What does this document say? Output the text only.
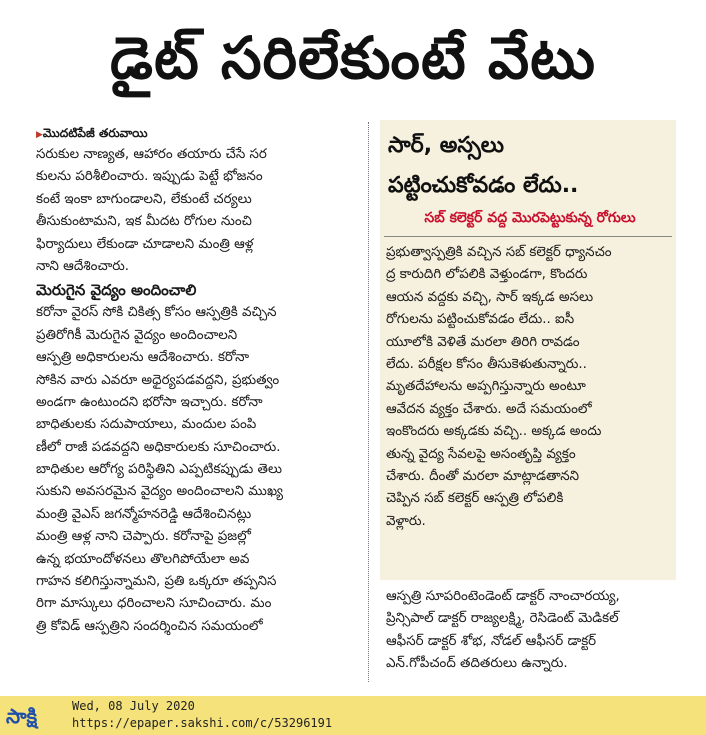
డైట్ సరిలేకుంటే వేటు
▶మొదటిపేజీ తరువాయి
సరుకుల నాణ్యత, ఆహారం తయారు చేసే సర
కులను పరిశీలించారు. ఇప్పుడు పెట్టే భోజనం
కంటే ఇంకా బాగుండాలని, లేకుంటే చర్యలు
తీసుకుంటామని, ఇక మీదట రోగుల నుంచి
ఫిర్యాదులు లేకుండా చూడాలని మంత్రి ఆళ్ల
నాని ఆదేశించారు.
మెరుగైన వైద్యం అందించాలి
కరోనా వైరస్ సోకి చికిత్స కోసం ఆస్పత్రికి వచ్చిన
ప్రతిరోగికీ మెరుగైన వైద్యం అందించాలని
ఆస్పత్రి అధికారులను ఆదేశించారు. కరోనా
సోకిన వారు ఎవరూ అధైర్యపడవద్దని, ప్రభుత్వం
అండగా ఉంటుందని భరోసా ఇచ్చారు. కరోనా
బాధితులకు సదుపాయాలు, మందుల పంపి
ణీలో రాజీ పడవద్దని అధికారులకు సూచించారు.
బాధితుల ఆరోగ్య పరిస్థితిని ఎప్పటికప్పుడు తెలు
సుకుని అవసరమైన వైద్యం అందించాలని ముఖ్య
మంత్రి వైఎస్ జగన్మోహనరెడ్డి ఆదేశించినట్లు
మంత్రి ఆళ్ల నాని చెప్పారు. కరోనాపై ప్రజల్లో
ఉన్న భయాందోళనలు తొలగిపోయేలా అవ
గాహన కలిగిస్తున్నామని, ప్రతి ఒక్కరూ తప్పనిస
రిగా మాస్కులు ధరించాలని సూచించారు. మం
త్రి కోవిడ్ ఆస్పత్రిని సందర్శించిన సమయంలో
సార్, అస్సలు
పట్టించుకోవడం లేదు..
సబ్ కలెక్టర్ వద్ద మొరపెట్టుకున్న రోగులు
ప్రభుత్వాస్పత్రికి వచ్చిన సబ్ కలెక్టర్ ధ్యానచం
ద్ర కారుదిగి లోపలికి వెళ్తుండగా, కొందరు
ఆయన వద్దకు వచ్చి, సార్ ఇక్కడ అసలు
రోగులను పట్టించుకోవడం లేదు.. ఐసీ
యూలోకి వెళితే మరలా తిరిగి రావడం
లేదు. పరీక్షల కోసం తీసుకెళుతున్నారు..
మృతదేహాలను అప్పగిస్తున్నారు అంటూ
ఆవేదన వ్యక్తం చేశారు. అదే సమయంలో
ఇంకొందరు అక్కడకు వచ్చి.. అక్కడ అందు
తున్న వైద్య సేవలపై అసంతృప్తి వ్యక్తం
చేశారు. దీంతో మరలా మాట్లాడతానని
చెప్పిన సబ్ కలెక్టర్ ఆస్పత్రి లోపలికి
వెళ్లారు.
ఆస్పత్రి సూపరింటెండెంట్ డాక్టర్ నాంచారయ్య,
ప్రిన్సిపాల్ డాక్టర్ రాజ్యలక్ష్మి, రెసిడెంట్ మెడికల్
ఆఫీసర్ డాక్టర్ శోభ, నోడల్ ఆఫీసర్ డాక్టర్
ఎన్.గోపీచంద్ తదితరులు ఉన్నారు.
సాక్షి	Wed, 08 July 2020
https://epaper.sakshi.com/c/53296191
